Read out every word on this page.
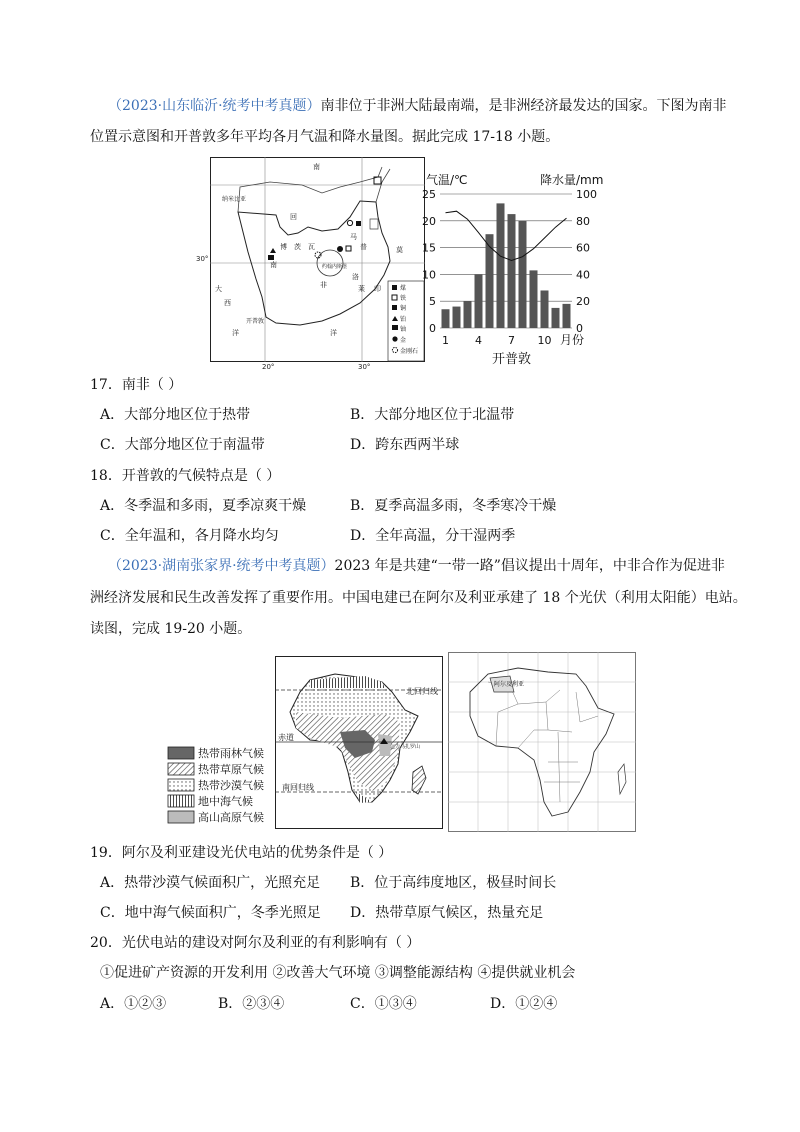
（2023·山东临沂·统考中考真题）南非位于非洲大陆最南端，是非洲经济最发达的国家。下图为南非
位置示意图和开普敦多年平均各月气温和降水量图。据此完成 17-18 小题。
南
纳米比亚
回
博 茨 瓦
马
普	莫
洛
莱
大
西
洋
印
洋
南
非
开普敦
约翰内斯堡
30°
20°	30°
煤
铁
铜
铂
铀
金
金刚石
气温/℃	降水量/mm
0
5
10
15
20
25
0
20
40
60
80
100
1 4 7 10 月份
开普敦
17．南非（ ）
A．大部分地区位于热带	B．大部分地区位于北温带
C．大部分地区位于南温带	D．跨东西两半球
18．开普敦的气候特点是（ ）
A．冬季温和多雨，夏季凉爽干燥	B．夏季高温多雨，冬季寒冷干燥
C．全年温和，各月降水均匀	D．全年高温，分干湿两季
（2023·湖南张家界·统考中考真题）2023 年是共建“一带一路”倡议提出十周年，中非合作为促进非
洲经济发展和民生改善发挥了重要作用。中国电建已在阿尔及利亚承建了 18 个光伏（利用太阳能）电站。
读图，完成 19-20 小题。
北回归线
赤道
南回归线
乞力马扎罗山
热带雨林气候
热带草原气候
热带沙漠气候
地中海气候
高山高原气候
阿尔及利亚
19．阿尔及利亚建设光伏电站的优势条件是（ ）
A．热带沙漠气候面积广，光照充足 B．位于高纬度地区，极昼时间长
C．地中海气候面积广，冬季光照足 D．热带草原气候区，热量充足
20．光伏电站的建设对阿尔及利亚的有利影响有（ ）
①促进矿产资源的开发利用 ②改善大气环境 ③调整能源结构 ④提供就业机会
A．①②③	B．②③④	C．①③④	D．①②④
